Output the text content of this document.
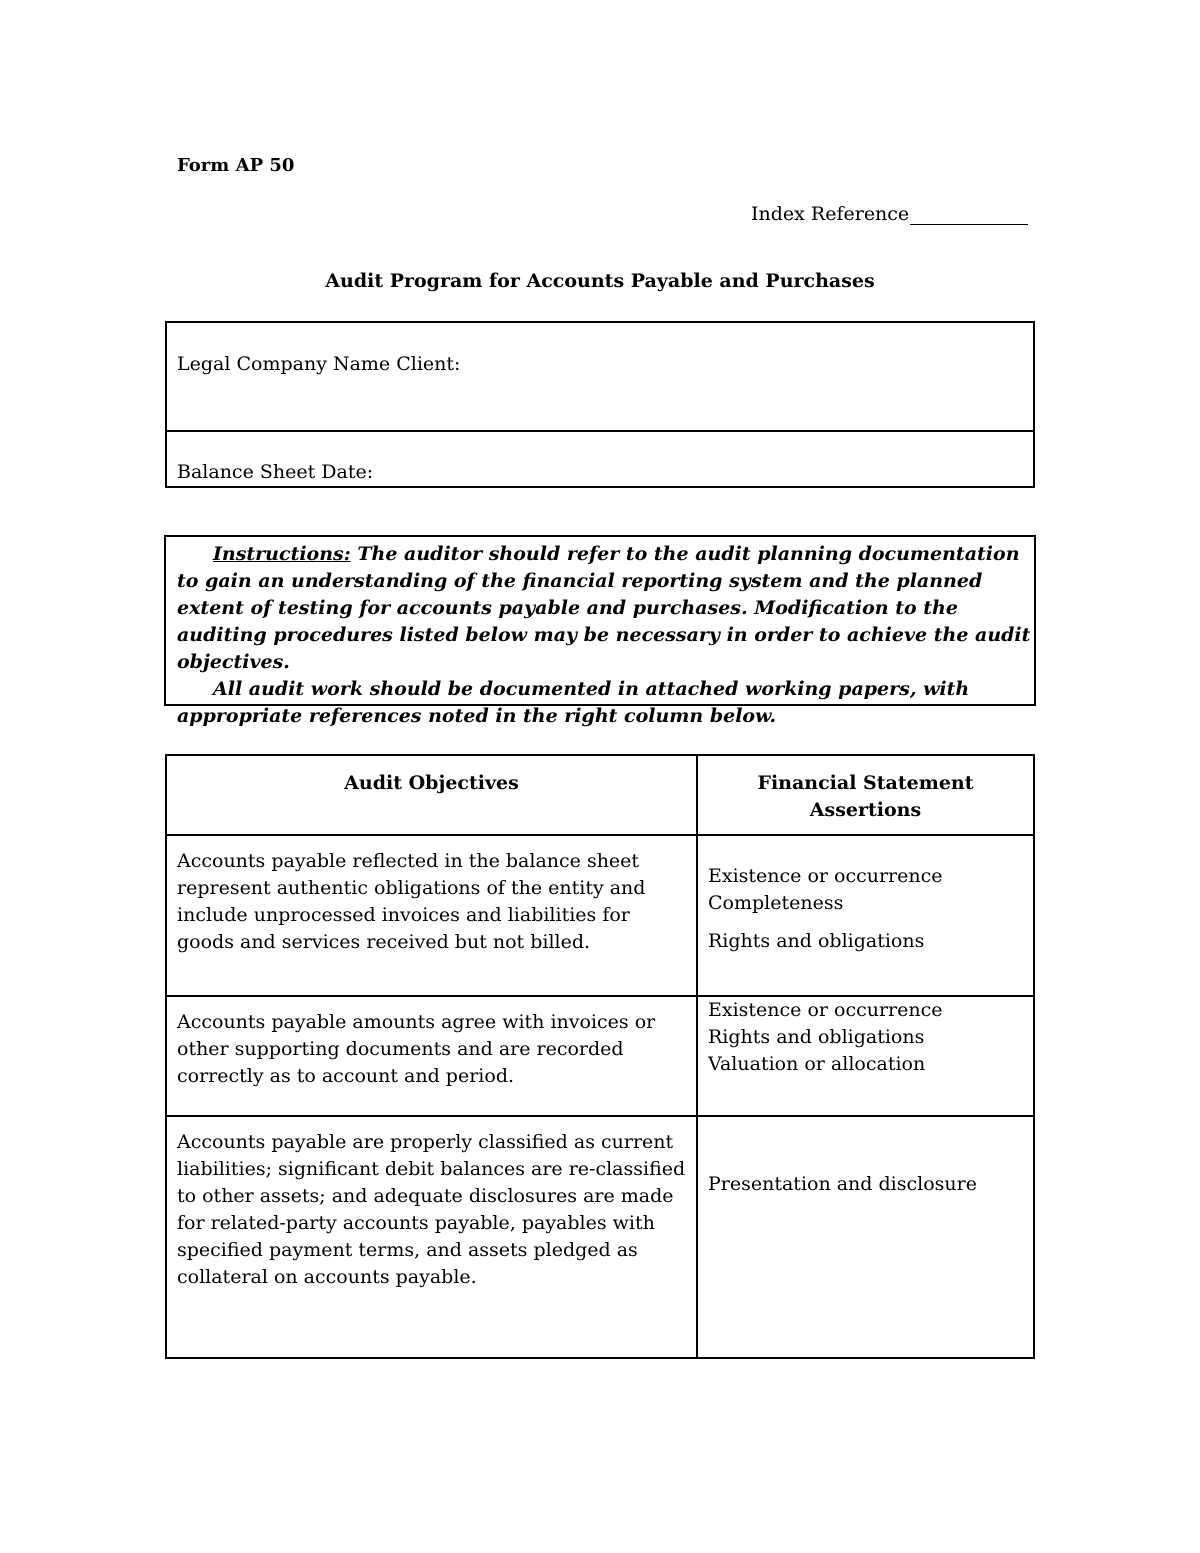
Form AP 50
Index Reference
Audit Program for Accounts Payable and Purchases
Legal Company Name Client:
Balance Sheet Date:

Instructions: The auditor should refer to the audit planning documentation to gain an understanding of the financial reporting system and the planned extent of testing for accounts payable and purchases. Modification to the auditing procedures listed below may be necessary in order to achieve the audit objectives.

All audit work should be documented in attached working papers, with appropriate references noted in the right column below.

Audit Objectives	Financial Statement
Assertions

Accounts payable reflected in the balance sheet represent authentic obligations of the entity and include unprocessed invoices and liabilities for goods and services received but not billed.	Existence or occurrence
Completeness
Rights and obligations

Accounts payable amounts agree with invoices or other supporting documents and are recorded correctly as to account and period.	Existence or occurrence
Rights and obligations
Valuation or allocation

Accounts payable are properly classified as current liabilities; significant debit balances are re-classified to other assets; and adequate disclosures are made for related-party accounts payable, payables with specified payment terms, and assets pledged as collateral on accounts payable.	Presentation and disclosure
